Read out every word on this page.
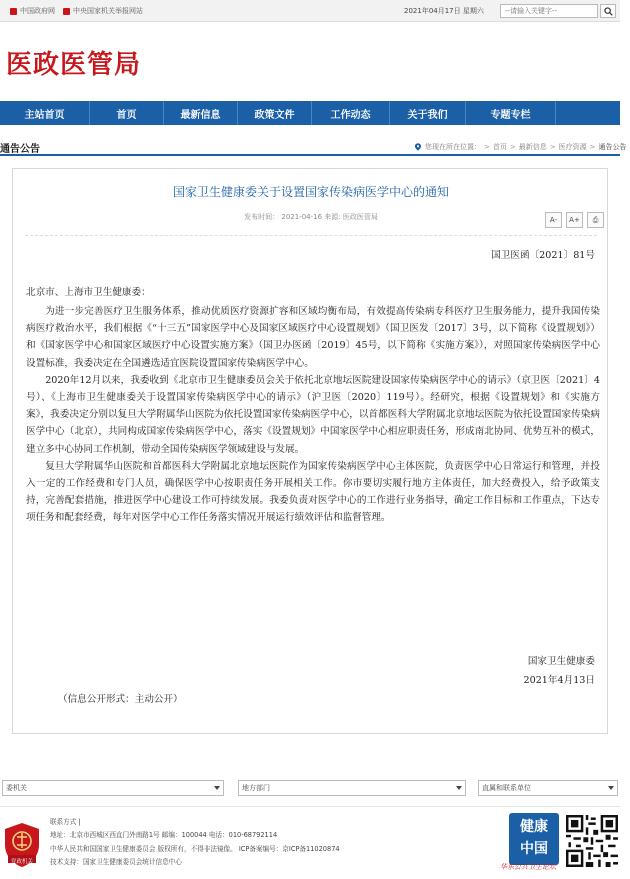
中国政府网	中央国家机关举报网站	2021年04月17日 星期六
--请输入关键字--
医政医管局
主站首页	首页	最新信息	政策文件	工作动态	关于我们	专题专栏
通告公告	您现在所在位置： > 首页 > 最新信息 > 医疗资源 > 通告公告
国家卫生健康委关于设置国家传染病医学中心的通知
发布时间： 2021-04-16 来源: 医政医管局	A-	A+	⎙
国卫医函〔2021〕81号
北京市、上海市卫生健康委：

为进一步完善医疗卫生服务体系，推动优质医疗资源扩容和区域均衡布局，有效提高传染病专科医疗卫生服务能力，提升我国传染病医疗救治水平，我们根据《“十三五”国家医学中心及国家区域医疗中心设置规划》（国卫医发〔2017〕3号，以下简称《设置规划》）和《国家医学中心和国家区域医疗中心设置实施方案》（国卫办医函〔2019〕45号，以下简称《实施方案》），对照国家传染病医学中心设置标准，我委决定在全国遴选适宜医院设置国家传染病医学中心。

2020年12月以来，我委收到《北京市卫生健康委员会关于依托北京地坛医院建设国家传染病医学中心的请示》（京卫医〔2021〕4号）、《上海市卫生健康委关于设置国家传染病医学中心的请示》（沪卫医〔2020〕119号）。经研究，根据《设置规划》和《实施方案》，我委决定分别以复旦大学附属华山医院为依托设置国家传染病医学中心，以首都医科大学附属北京地坛医院为依托设置国家传染病医学中心（北京），共同构成国家传染病医学中心，落实《设置规划》中国家医学中心相应职责任务，形成南北协同、优势互补的模式，建立多中心协同工作机制，带动全国传染病医学领域建设与发展。

复旦大学附属华山医院和首都医科大学附属北京地坛医院作为国家传染病医学中心主体医院，负责医学中心日常运行和管理，并投入一定的工作经费和专门人员，确保医学中心按职责任务开展相关工作。你市要切实履行地方主体责任，加大经费投入，给予政策支持，完善配套措施，推进医学中心建设工作可持续发展。我委负责对医学中心的工作进行业务指导，确定工作目标和工作重点，下达专项任务和配套经费，每年对医学中心工作任务落实情况开展运行绩效评估和监督管理。

国家卫生健康委
2021年4月13日
（信息公开形式：主动公开）
委机关	地方部门	直属和联系单位
党政机关
联系方式 |
地址：北京市西城区西直门外南路1号 邮编：100044 电话：010-68792114
中华人民共和国国家卫生健康委员会 版权所有，不得非法镜像。 ICP备案编号：京ICP备11020874
技术支持：国家卫生健康委员会统计信息中心
健康
中国
华东公共卫生论坛
